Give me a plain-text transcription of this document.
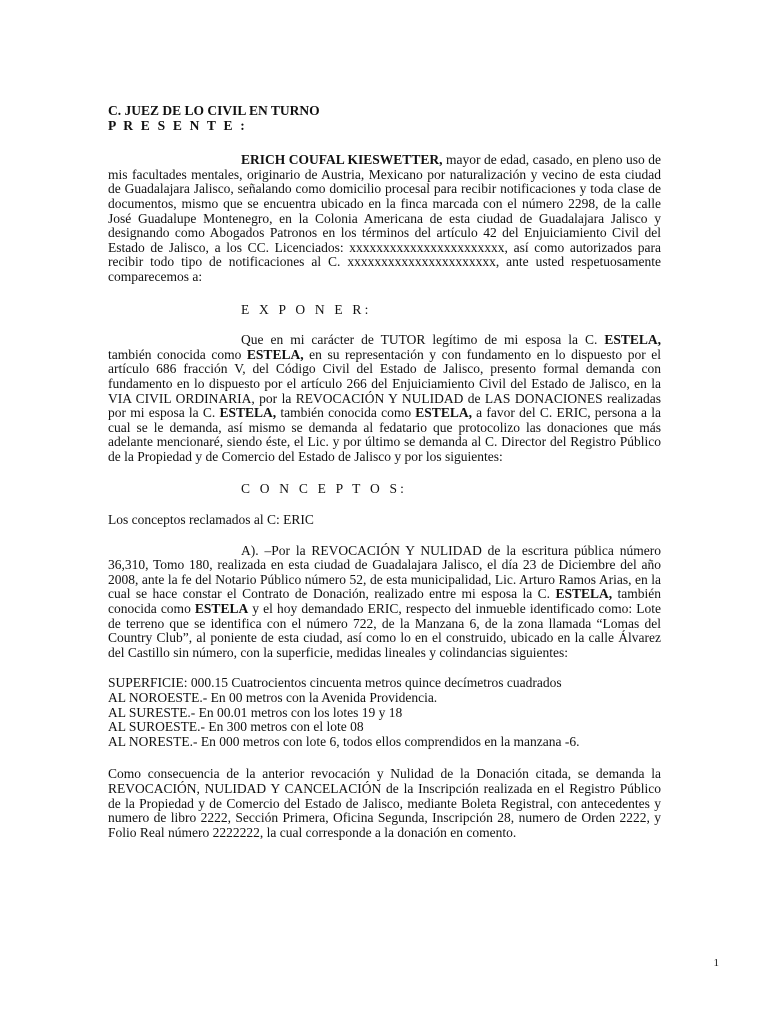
C. JUEZ DE LO CIVIL EN TURNO

P R E S E N T E :

ERICH COUFAL KIESWETTER, mayor de edad, casado, en pleno uso de mis facultades mentales, originario de Austria, Mexicano por naturalización y vecino de esta ciudad de Guadalajara Jalisco, señalando como domicilio procesal para recibir notificaciones y toda clase de documentos, mismo que se encuentra ubicado en la finca marcada con el número 2298, de la calle José Guadalupe Montenegro, en la Colonia Americana de esta ciudad de Guadalajara Jalisco y designando como Abogados Patronos en los términos del artículo 42 del Enjuiciamiento Civil del Estado de Jalisco, a los CC. Licenciados: xxxxxxxxxxxxxxxxxxxxxxx, así como autorizados para recibir todo tipo de notificaciones al C. xxxxxxxxxxxxxxxxxxxxxx, ante usted respetuosamente comparecemos a:

E X P O N E R:

Que en mi carácter de TUTOR legítimo de mi esposa la C. ESTELA, también conocida como ESTELA, en su representación y con fundamento en lo dispuesto por el artículo 686 fracción V, del Código Civil del Estado de Jalisco, presento formal demanda con fundamento en lo dispuesto por el artículo 266 del Enjuiciamiento Civil del Estado de Jalisco, en la VIA CIVIL ORDINARIA, por la REVOCACIÓN Y NULIDAD de LAS DONACIONES realizadas por mi esposa la C. ESTELA, también conocida como ESTELA, a favor del C. ERIC, persona a la cual se le demanda, así mismo se demanda al fedatario que protocolizo las donaciones que más adelante mencionaré, siendo éste, el Lic. y por último se demanda al C. Director del Registro Público de la Propiedad y de Comercio del Estado de Jalisco y por los siguientes:

C O N C E P T O S:

Los conceptos reclamados al C: ERIC

A). –Por la REVOCACIÓN Y NULIDAD de la escritura pública número 36,310, Tomo 180, realizada en esta ciudad de Guadalajara Jalisco, el día 23 de Diciembre del año 2008, ante la fe del Notario Público número 52, de esta municipalidad, Lic. Arturo Ramos Arias, en la cual se hace constar el Contrato de Donación, realizado entre mi esposa la C. ESTELA, también conocida como ESTELA y el hoy demandado ERIC, respecto del inmueble identificado como: Lote de terreno que se identifica con el número 722, de la Manzana 6, de la zona llamada “Lomas del Country Club”, al poniente de esta ciudad, así como lo en el construido, ubicado en la calle Álvarez del Castillo sin número, con la superficie, medidas lineales y colindancias siguientes:

SUPERFICIE: 000.15 Cuatrocientos cincuenta metros quince decímetros cuadrados

AL NOROESTE.- En 00 metros con la Avenida Providencia.

AL SURESTE.- En 00.01 metros con los lotes 19 y 18

AL SUROESTE.- En 300 metros con el lote 08

AL NORESTE.- En 000 metros con lote 6, todos ellos comprendidos en la manzana -6.

Como consecuencia de la anterior revocación y Nulidad de la Donación citada, se demanda la REVOCACIÓN, NULIDAD Y CANCELACIÓN de la Inscripción realizada en el Registro Público de la Propiedad y de Comercio del Estado de Jalisco, mediante Boleta Registral, con antecedentes y numero de libro 2222, Sección Primera, Oficina Segunda, Inscripción 28, numero de Orden 2222, y Folio Real número 2222222, la cual corresponde a la donación en comento.

1
